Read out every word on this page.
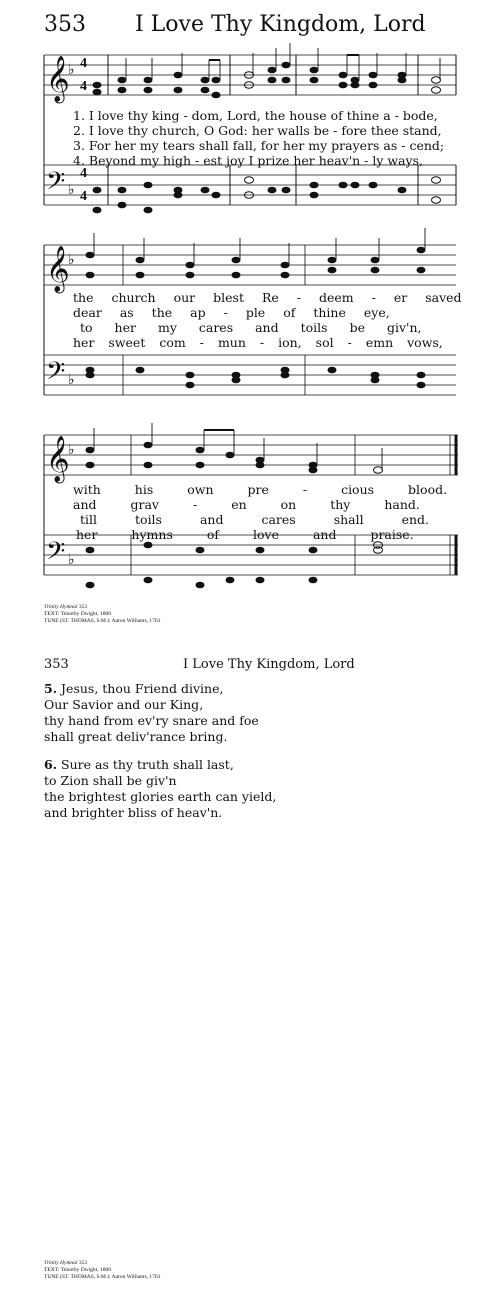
353 I Love Thy Kingdom, Lord
𝄞
𝄢
♭
♭
4
4
4
4
𝄞
𝄢
♭
♭
𝄞
𝄢
♭
♭
1. I love thy king - dom, Lord, the house of thine a - bode,
2. I love thy church, O God: her walls be - fore thee stand,
3. For her my tears shall fall, for her my prayers as - cend;
4. Beyond my high - est joy I prize her heav'n - ly ways,
the church our blest Re - deem - er saved
dear as the ap - ple of thine eye,
to her my cares and toils be giv'n,
her sweet com - mun - ion, sol - emn vows,
with	his	own	pre	-	cious	blood.
and	grav	-	en	on	thy	hand.
till	toils	and	cares	shall	end.
her	hymns	of	love	and	praise.
Trinity Hymnal 353
TEXT: Timothy Dwight, 1800
TUNE (ST. THOMAS, S.M.): Aaron Williams, 1763
353	I Love Thy Kingdom, Lord
5. Jesus, thou Friend divine,
Our Savior and our King,
thy hand from ev'ry snare and foe
shall great deliv'rance bring.
6. Sure as thy truth shall last,
to Zion shall be giv'n
the brightest glories earth can yield,
and brighter bliss of heav'n.
Trinity Hymnal 353
TEXT: Timothy Dwight, 1800
TUNE (ST. THOMAS, S.M.): Aaron Williams, 1763
